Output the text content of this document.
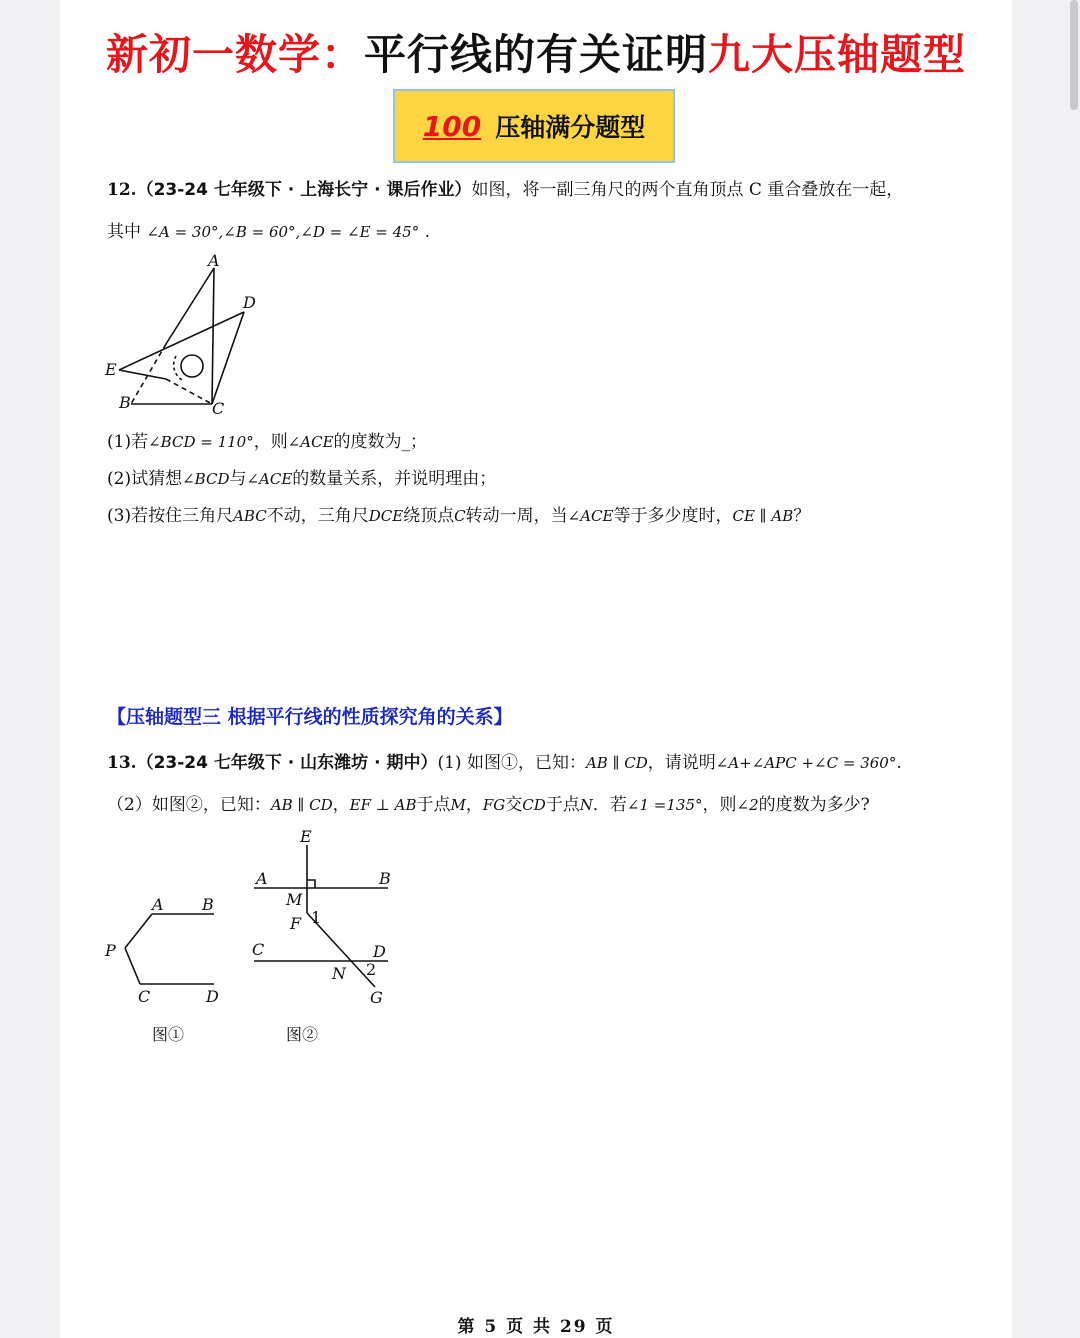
新初一数学：平行线的有关证明九大压轴题型
100 压轴满分题型
12.（23-24 七年级下 · 上海长宁 · 课后作业）如图，将一副三角尺的两个直角顶点 C 重合叠放在一起，
其中 ∠A = 30°,∠B = 60°,∠D = ∠E = 45° .
A
D
E
B	C
(1)若∠BCD = 110°，则∠ACE的度数为_；
(2)试猜想∠BCD与∠ACE的数量关系，并说明理由；
(3)若按住三角尺ABC不动，三角尺DCE绕顶点C转动一周，当∠ACE等于多少度时，CE ∥ AB？
【压轴题型三 根据平行线的性质探究角的关系】
13.（23-24 七年级下 · 山东潍坊 · 期中）(1) 如图①，已知：AB ∥ CD，请说明∠A+∠APC +∠C = 360°.
（2）如图②，已知：AB ∥ CD，EF ⊥ AB于点M，FG交CD于点N．若∠1 =135°，则∠2的度数为多少?
A B
P
C	D
图①
E
A	B
M
F 1
C	D
N 2
G
图②
第 5 页 共 29 页
